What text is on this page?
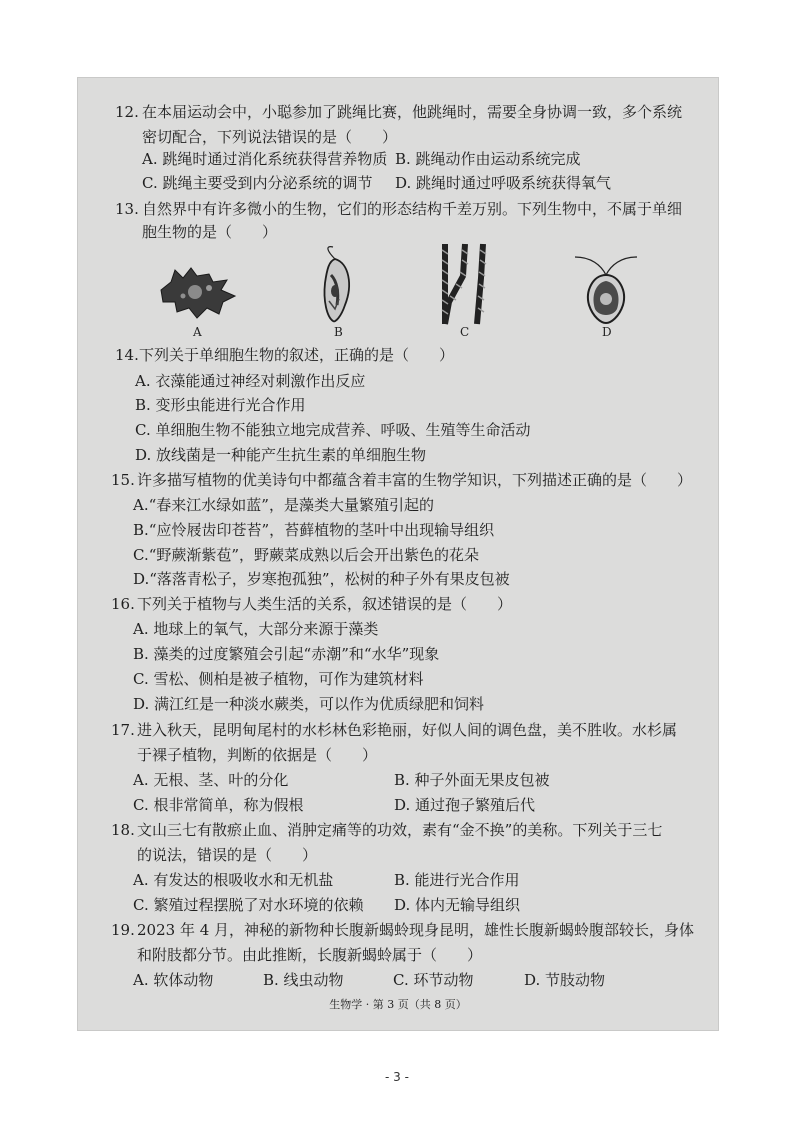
12. 在本届运动会中，小聪参加了跳绳比赛，他跳绳时，需要全身协调一致，多个系统
密切配合，下列说法错误的是（　　）
A. 跳绳时通过消化系统获得营养物质 B. 跳绳动作由运动系统完成
C. 跳绳主要受到内分泌系统的调节 D. 跳绳时通过呼吸系统获得氧气
13. 自然界中有许多微小的生物，它们的形态结构千差万别。下列生物中，不属于单细
胞生物的是（　　）
A	B	C	D
14. 下列关于单细胞生物的叙述，正确的是（　　）
A. 衣藻能通过神经对刺激作出反应
B. 变形虫能进行光合作用
C. 单细胞生物不能独立地完成营养、呼吸、生殖等生命活动
D. 放线菌是一种能产生抗生素的单细胞生物
15. 许多描写植物的优美诗句中都蕴含着丰富的生物学知识，下列描述正确的是（　　）
A.“春来江水绿如蓝”，是藻类大量繁殖引起的
B.“应怜屐齿印苍苔”，苔藓植物的茎叶中出现输导组织
C.“野蕨渐紫苞”，野蕨菜成熟以后会开出紫色的花朵
D.“落落青松子，岁寒抱孤独”，松树的种子外有果皮包被
16. 下列关于植物与人类生活的关系，叙述错误的是（　　）
A. 地球上的氧气，大部分来源于藻类
B. 藻类的过度繁殖会引起“赤潮”和“水华”现象
C. 雪松、侧柏是被子植物，可作为建筑材料
D. 满江红是一种淡水蕨类，可以作为优质绿肥和饲料
17. 进入秋天，昆明甸尾村的水杉林色彩艳丽，好似人间的调色盘，美不胜收。水杉属
于裸子植物，判断的依据是（　　）
A. 无根、茎、叶的分化	B. 种子外面无果皮包被
C. 根非常简单，称为假根	D. 通过孢子繁殖后代
18. 文山三七有散瘀止血、消肿定痛等的功效，素有“金不换”的美称。下列关于三七
的说法，错误的是（　　）
A. 有发达的根吸收水和无机盐	B. 能进行光合作用
C. 繁殖过程摆脱了对水环境的依赖 D. 体内无输导组织
19. 2023 年 4 月，神秘的新物种长腹新蝎蛉现身昆明，雄性长腹新蝎蛉腹部较长，身体
和附肢都分节。由此推断，长腹新蝎蛉属于（　　）
A. 软体动物	B. 线虫动物	C. 环节动物	D. 节肢动物
生物学 · 第 3 页（共 8 页）
- 3 -
